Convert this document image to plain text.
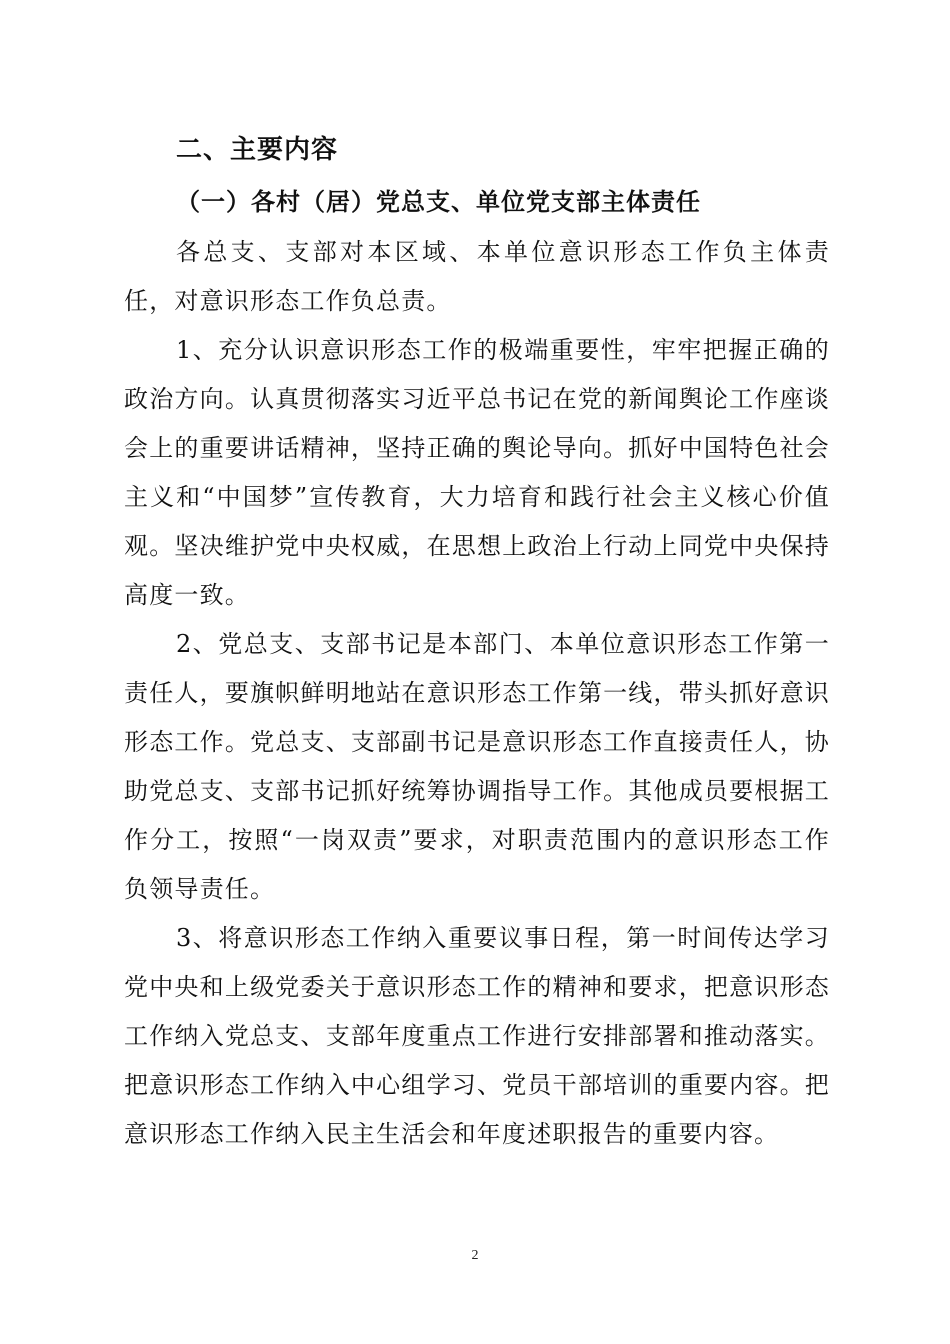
二、主要内容
（一）各村（居）党总支、单位党支部主体责任

各总支、支部对本区域、本单位意识形态工作负主体责任，对意识形态工作负总责。

1、充分认识意识形态工作的极端重要性，牢牢把握正确的政治方向。认真贯彻落实习近平总书记在党的新闻舆论工作座谈会上的重要讲话精神，坚持正确的舆论导向。抓好中国特色社会主义和“中国梦”宣传教育，大力培育和践行社会主义核心价值观。坚决维护党中央权威，在思想上政治上行动上同党中央保持高度一致。

2、党总支、支部书记是本部门、本单位意识形态工作第一责任人，要旗帜鲜明地站在意识形态工作第一线，带头抓好意识形态工作。党总支、支部副书记是意识形态工作直接责任人，协助党总支、支部书记抓好统筹协调指导工作。其他成员要根据工作分工，按照“一岗双责”要求，对职责范围内的意识形态工作负领导责任。

3、将意识形态工作纳入重要议事日程，第一时间传达学习党中央和上级党委关于意识形态工作的精神和要求，把意识形态工作纳入党总支、支部年度重点工作进行安排部署和推动落实。把意识形态工作纳入中心组学习、党员干部培训的重要内容。把意识形态工作纳入民主生活会和年度述职报告的重要内容。

2
